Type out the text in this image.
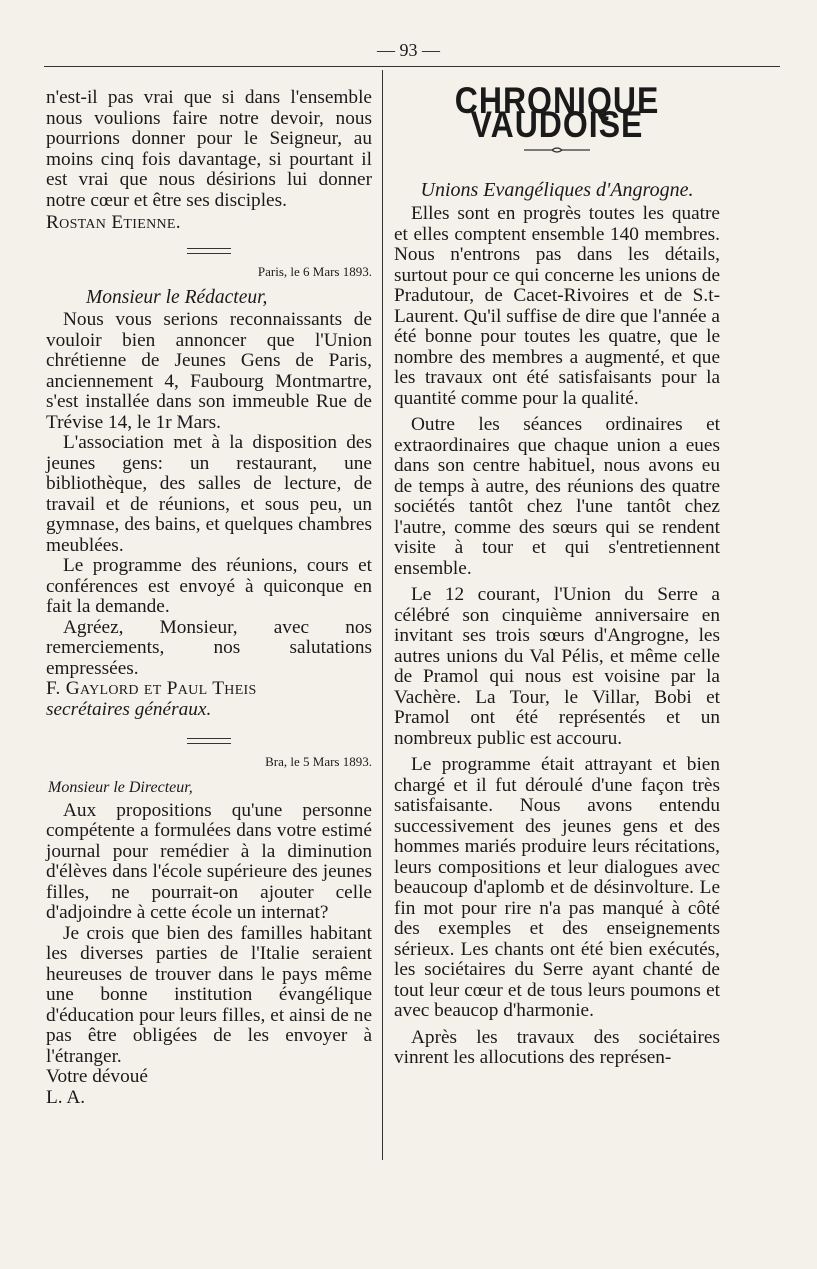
— 93 —

n'est-il pas vrai que si dans l'ensemble nous voulions faire notre devoir, nous pourrions donner pour le Seigneur, au moins cinq fois davantage, si pourtant il est vrai que nous désirions lui donner notre cœur et être ses disciples.

Rostan Etienne.

Paris, le 6 Mars 1893.

Monsieur le Rédacteur,

Nous vous serions reconnaissants de vouloir bien annoncer que l'Union chrétienne de Jeunes Gens de Paris, anciennement 4, Faubourg Montmartre, s'est installée dans son immeuble Rue de Trévise 14, le 1r Mars.

L'association met à la disposition des jeunes gens: un restaurant, une bibliothèque, des salles de lecture, de travail et de réunions, et sous peu, un gymnase, des bains, et quelques chambres meublées.

Le programme des réunions, cours et conférences est envoyé à quiconque en fait la demande.

Agréez, Monsieur, avec nos remerciements, nos salutations empressées.

F. Gaylord et Paul Theis

secrétaires généraux.

Bra, le 5 Mars 1893.

Monsieur le Directeur,

Aux propositions qu'une personne compétente a formulées dans votre estimé journal pour remédier à la diminution d'élèves dans l'école supérieure des jeunes filles, ne pourrait-on ajouter celle d'adjoindre à cette école un internat?

Je crois que bien des familles habitant les diverses parties de l'Italie seraient heureuses de trouver dans le pays même une bonne institution évangélique d'éducation pour leurs filles, et ainsi de ne pas être obligées de les envoyer à l'étranger.

Votre dévoué

L. A.

CHRONIQUE VAUDOISE

Unions Evangéliques d'Angrogne.

Elles sont en progrès toutes les quatre et elles comptent ensemble 140 membres. Nous n'entrons pas dans les détails, surtout pour ce qui concerne les unions de Pradutour, de Cacet-Rivoires et de S.t-Laurent. Qu'il suffise de dire que l'année a été bonne pour toutes les quatre, que le nombre des membres a augmenté, et que les travaux ont été satisfaisants pour la quantité comme pour la qualité.

Outre les séances ordinaires et extraordinaires que chaque union a eues dans son centre habituel, nous avons eu de temps à autre, des réunions des quatre sociétés tantôt chez l'une tantôt chez l'autre, comme des sœurs qui se rendent visite à tour et qui s'entretiennent ensemble.

Le 12 courant, l'Union du Serre a célébré son cinquième anniversaire en invitant ses trois sœurs d'Angrogne, les autres unions du Val Pélis, et même celle de Pramol qui nous est voisine par la Vachère. La Tour, le Villar, Bobi et Pramol ont été représentés et un nombreux public est accouru.

Le programme était attrayant et bien chargé et il fut déroulé d'une façon très satisfaisante. Nous avons entendu successivement des jeunes gens et des hommes mariés produire leurs récitations, leurs compositions et leur dialogues avec beaucoup d'aplomb et de désinvolture. Le fin mot pour rire n'a pas manqué à côté des exemples et des enseignements sérieux. Les chants ont été bien exécutés, les sociétaires du Serre ayant chanté de tout leur cœur et de tous leurs poumons et avec beaucop d'harmonie.

Après les travaux des sociétaires vinrent les allocutions des représen-
